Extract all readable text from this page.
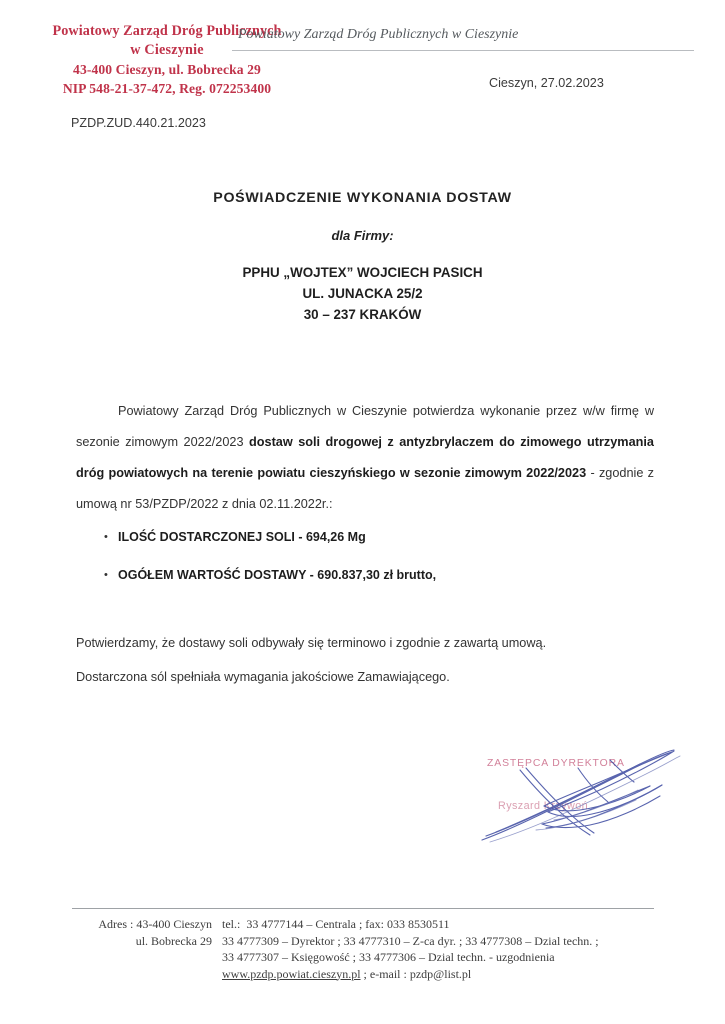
Powiatowy Zarząd Dróg Publicznych
w Cieszynie
43-400 Cieszyn, ul. Bobrecka 29
NIP 548-21-37-472, Reg. 072253400
Powiatowy Zarząd Dróg Publicznych w Cieszynie
Cieszyn, 27.02.2023
PZDP.ZUD.440.21.2023
POŚWIADCZENIE WYKONANIA DOSTAW
dla Firmy:
PPHU „WOJTEX” WOJCIECH PASICH
UL. JUNACKA 25/2
30 – 237 KRAKÓW

Powiatowy Zarząd Dróg Publicznych w Cieszynie potwierdza wykonanie przez w/w firmę w sezonie zimowym 2022/2023 dostaw soli drogowej z antyzbrylaczem do zimowego utrzymania dróg powiatowych na terenie powiatu cieszyńskiego w sezonie zimowym 2022/2023 - zgodnie z umową nr 53/PZDP/2022 z dnia 02.11.2022r.:

• ILOŚĆ DOSTARCZONEJ SOLI - 694,26 Mg
• OGÓŁEM WARTOŚĆ DOSTAWY - 690.837,30 zł brutto,

Potwierdzamy, że dostawy soli odbywały się terminowo i zgodnie z zawartą umową.

Dostarczona sól spełniała wymagania jakościowe Zamawiającego.

ZASTĘPCA DYREKTORA
Ryszard Krzywoń
Adres : 43-400 Cieszyn
ul. Bobrecka 29
tel.: 33 4777144 – Centrala ; fax: 033 8530511
33 4777309 – Dyrektor ; 33 4777310 – Z-ca dyr. ; 33 4777308 – Dzial techn. ;
33 4777307 – Księgowość ; 33 4777306 – Dzial techn. - uzgodnienia
www.pzdp.powiat.cieszyn.pl ; e-mail : pzdp@list.pl
